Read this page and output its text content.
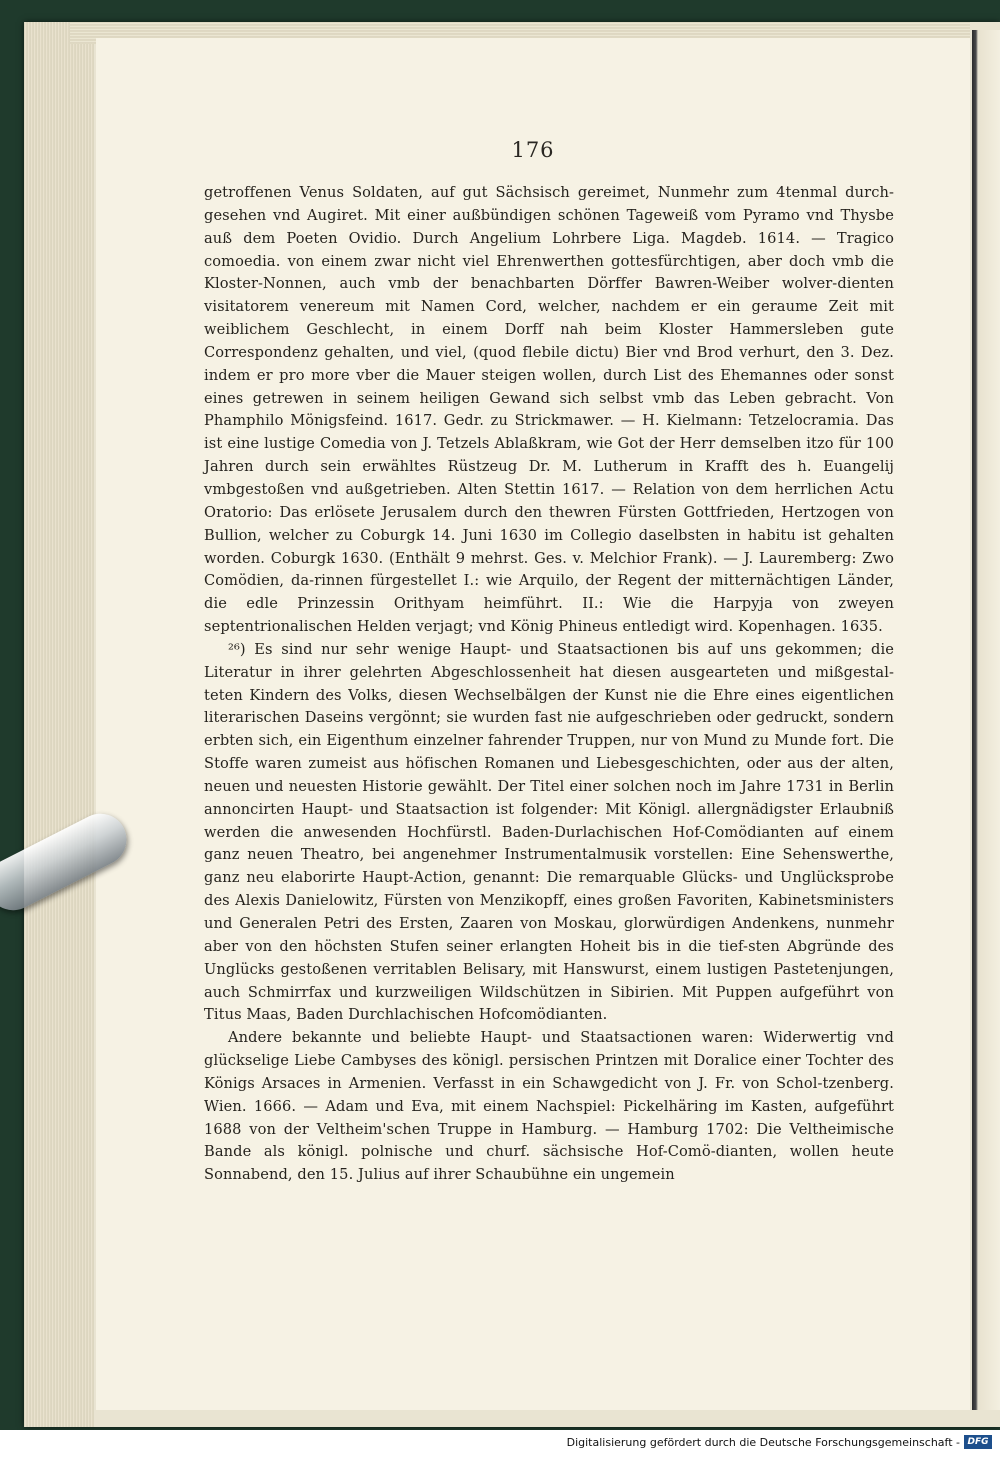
176

getroffenen Venus Soldaten, auf gut Sächsisch gereimet, Nunmehr zum 4tenmal durch-gesehen vnd Augiret. Mit einer außbündigen schönen Tageweiß vom Pyramo vnd Thysbe auß dem Poeten Ovidio. Durch Angelium Lohrbere Liga. Magdeb. 1614. — Tragico comoedia. von einem zwar nicht viel Ehrenwerthen gottesfürchtigen, aber doch vmb die Kloster-Nonnen, auch vmb der benachbarten Dörffer Bawren-Weiber wolver-dienten visitatorem venereum mit Namen Cord, welcher, nachdem er ein geraume Zeit mit weiblichem Geschlecht, in einem Dorff nah beim Kloster Hammersleben gute Correspondenz gehalten, und viel, (quod flebile dictu) Bier vnd Brod verhurt, den 3. Dez. indem er pro more vber die Mauer steigen wollen, durch List des Ehemannes oder sonst eines getrewen in seinem heiligen Gewand sich selbst vmb das Leben gebracht. Von Phamphilo Mönigsfeind. 1617. Gedr. zu Strickmawer. — H. Kielmann: Tetzelocramia. Das ist eine lustige Comedia von J. Tetzels Ablaßkram, wie Got der Herr demselben itzo für 100 Jahren durch sein erwähltes Rüstzeug Dr. M. Lutherum in Krafft des h. Euangelij vmbgestoßen vnd außgetrieben. Alten Stettin 1617. — Relation von dem herrlichen Actu Oratorio: Das erlösete Jerusalem durch den thewren Fürsten Gottfrieden, Hertzogen von Bullion, welcher zu Coburgk 14. Juni 1630 im Collegio daselbsten in habitu ist gehalten worden. Coburgk 1630. (Enthält 9 mehrst. Ges. v. Melchior Frank). — J. Lauremberg: Zwo Comödien, da-rinnen fürgestellet I.: wie Arquilo, der Regent der mitternächtigen Länder, die edle Prinzessin Orithyam heimführt. II.: Wie die Harpyja von zweyen septentrionalischen Helden verjagt; vnd König Phineus entledigt wird. Kopenhagen. 1635.

²⁶) Es sind nur sehr wenige Haupt- und Staatsactionen bis auf uns gekommen; die Literatur in ihrer gelehrten Abgeschlossenheit hat diesen ausgearteten und mißgestal-teten Kindern des Volks, diesen Wechselbälgen der Kunst nie die Ehre eines eigentlichen literarischen Daseins vergönnt; sie wurden fast nie aufgeschrieben oder gedruckt, sondern erbten sich, ein Eigenthum einzelner fahrender Truppen, nur von Mund zu Munde fort. Die Stoffe waren zumeist aus höfischen Romanen und Liebesgeschichten, oder aus der alten, neuen und neuesten Historie gewählt. Der Titel einer solchen noch im Jahre 1731 in Berlin annoncirten Haupt- und Staatsaction ist folgender: Mit Königl. allergnädigster Erlaubniß werden die anwesenden Hochfürstl. Baden-Durlachischen Hof-Comödianten auf einem ganz neuen Theatro, bei angenehmer Instrumentalmusik vorstellen: Eine Sehenswerthe, ganz neu elaborirte Haupt-Action, genannt: Die remarquable Glücks- und Unglücksprobe des Alexis Danielowitz, Fürsten von Menzikopff, eines großen Favoriten, Kabinetsministers und Generalen Petri des Ersten, Zaaren von Moskau, glorwürdigen Andenkens, nunmehr aber von den höchsten Stufen seiner erlangten Hoheit bis in die tief-sten Abgründe des Unglücks gestoßenen verritablen Belisary, mit Hanswurst, einem lustigen Pastetenjungen, auch Schmirrfax und kurzweiligen Wildschützen in Sibirien. Mit Puppen aufgeführt von Titus Maas, Baden Durchlachischen Hofcomödianten.

Andere bekannte und beliebte Haupt- und Staatsactionen waren: Widerwertig vnd glückselige Liebe Cambyses des königl. persischen Printzen mit Doralice einer Tochter des Königs Arsaces in Armenien. Verfasst in ein Schawgedicht von J. Fr. von Schol-tzenberg. Wien. 1666. — Adam und Eva, mit einem Nachspiel: Pickelhäring im Kasten, aufgeführt 1688 von der Veltheim'schen Truppe in Hamburg. — Hamburg 1702: Die Veltheimische Bande als königl. polnische und churf. sächsische Hof-Comö-dianten, wollen heute Sonnabend, den 15. Julius auf ihrer Schaubühne ein ungemein

Digitalisierung gefördert durch die Deutsche Forschungsgemeinschaft - DFG
